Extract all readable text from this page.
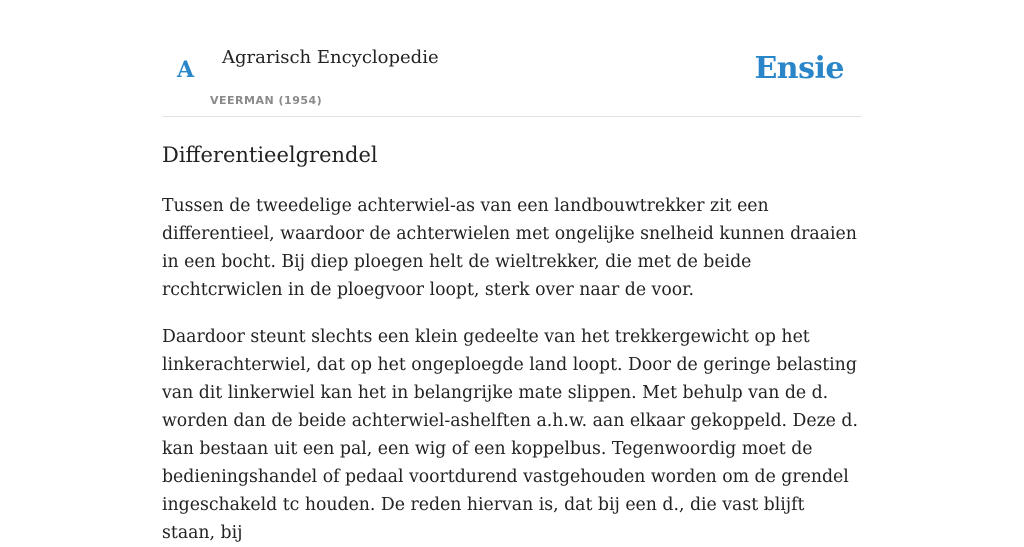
A Agrarisch Encyclopedie
VEERMAN (1954)
Ensie
Differentieelgrendel

Tussen de tweedelige achterwiel-as van een landbouwtrekker zit een differentieel, waardoor de achterwielen met ongelijke snelheid kunnen draaien in een bocht. Bij diep ploegen helt de wieltrekker, die met de beide rcchtcrwiclen in de ploegvoor loopt, sterk over naar de voor.

Daardoor steunt slechts een klein gedeelte van het trekkergewicht op het linkerachterwiel, dat op het ongeploegde land loopt. Door de geringe belasting van dit linkerwiel kan het in belangrijke mate slippen. Met behulp van de d. worden dan de beide achterwiel-ashelften a.h.w. aan elkaar gekoppeld. Deze d. kan bestaan uit een pal, een wig of een koppelbus. Tegenwoordig moet de bedieningshandel of pedaal voortdurend vastgehouden worden om de grendel ingeschakeld tc houden. De reden hiervan is, dat bij een d., die vast blijft staan, bij
